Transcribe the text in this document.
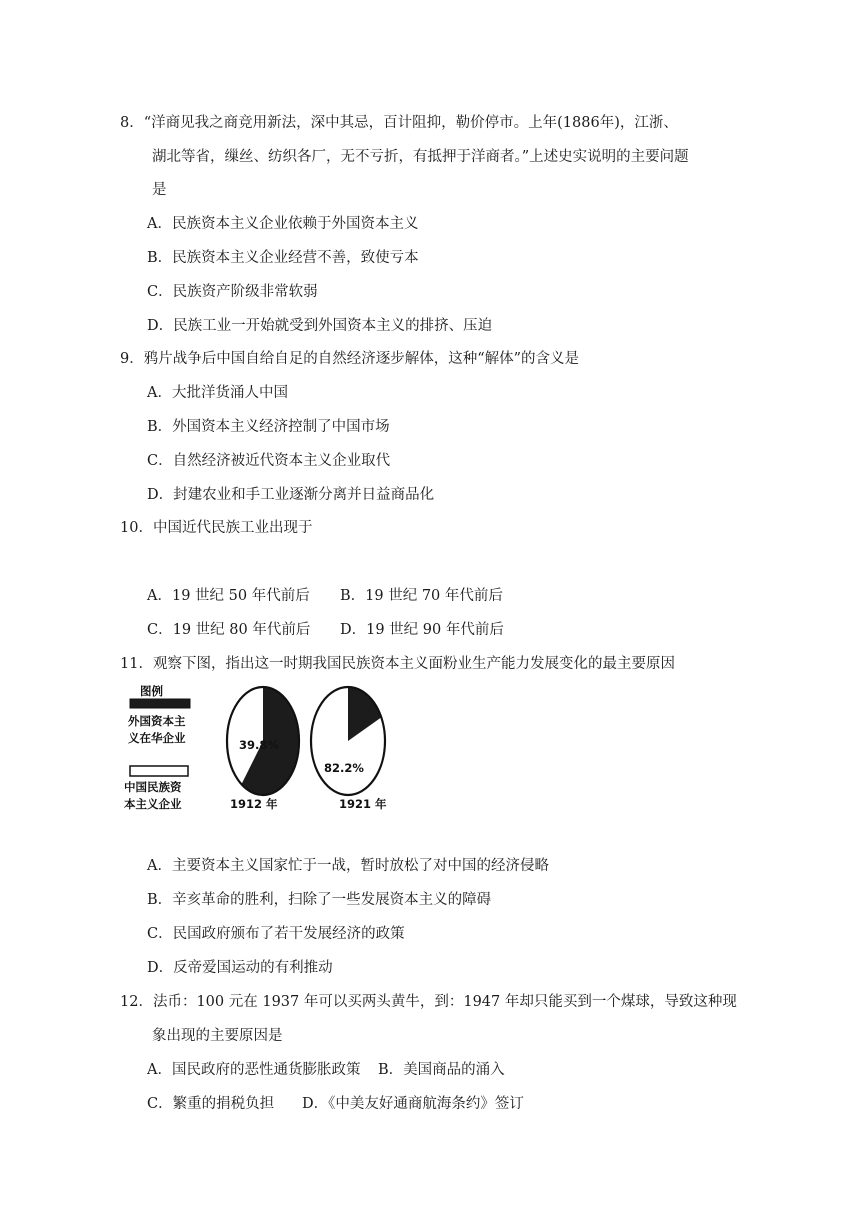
8．“洋商见我之商竞用新法，深中其忌，百计阻抑，勒价停市。上年(1886年)，江浙、
湖北等省，缫丝、纺织各厂，无不亏折，有抵押于洋商者。”上述史实说明的主要问题
是
A．民族资本主义企业依赖于外国资本主义
B．民族资本主义企业经营不善，致使亏本
C．民族资产阶级非常软弱
D．民族工业一开始就受到外国资本主义的排挤、压迫
9．鸦片战争后中国自给自足的自然经济逐步解体，这种“解体”的含义是
A．大批洋货涌人中国
B．外国资本主义经济控制了中国市场
C．自然经济被近代资本主义企业取代
D．封建农业和手工业逐渐分离并日益商品化
10．中国近代民族工业出现于
A．19 世纪 50 年代前后 B．19 世纪 70 年代前后
C．19 世纪 80 年代前后 D．19 世纪 90 年代前后
11．观察下图，指出这一时期我国民族资本主义面粉业生产能力发展变化的最主要原因
图例
外国资本主
义在华企业
中国民族资
本主义企业
39.8%
82.2%
1912 年	1921 年
A．主要资本主义国家忙于一战，暂时放松了对中国的经济侵略
B．辛亥革命的胜利，扫除了一些发展资本主义的障碍
C．民国政府颁布了若干发展经济的政策
D．反帝爱国运动的有利推动
12．法币：100 元在 1937 年可以买两头黄牛，到：1947 年却只能买到一个煤球，导致这种现
象出现的主要原因是
A．国民政府的恶性通货膨胀政策 B．美国商品的涌入
C．繁重的捐税负担 D．《中美友好通商航海条约》签订
